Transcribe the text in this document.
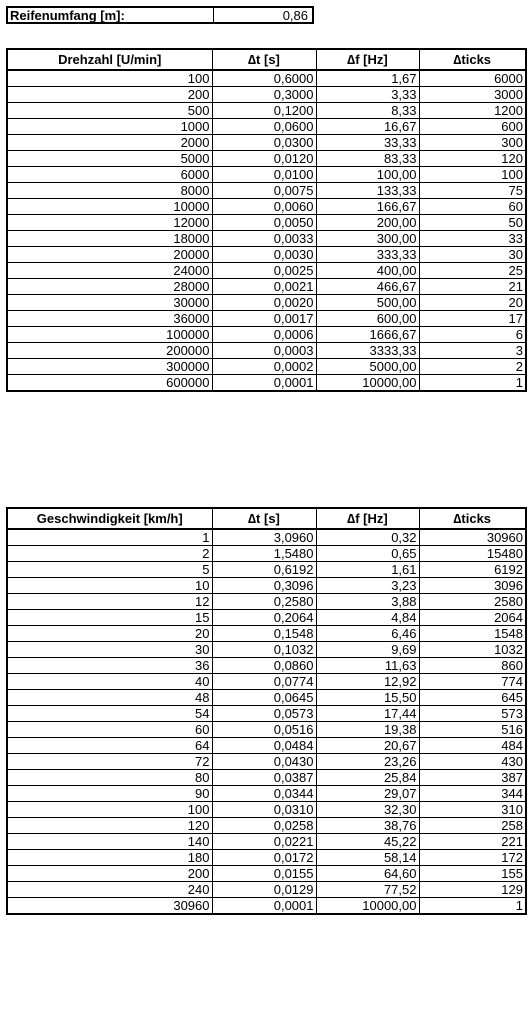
Reifenumfang [m]:	0,86
Drehzahl [U/min]	∆t [s]	∆f [Hz]	∆ticks
100	0,6000	1,67	6000
200	0,3000	3,33	3000
500	0,1200	8,33	1200
1000	0,0600	16,67	600
2000	0,0300	33,33	300
5000	0,0120	83,33	120
6000	0,0100	100,00	100
8000	0,0075	133,33	75
10000	0,0060	166,67	60
12000	0,0050	200,00	50
18000	0,0033	300,00	33
20000	0,0030	333,33	30
24000	0,0025	400,00	25
28000	0,0021	466,67	21
30000	0,0020	500,00	20
36000	0,0017	600,00	17
100000	0,0006	1666,67	6
200000	0,0003	3333,33	3
300000	0,0002	5000,00	2
600000	0,0001	10000,00	1
Geschwindigkeit [km/h]	∆t [s]	∆f [Hz]	∆ticks
1	3,0960	0,32	30960
2	1,5480	0,65	15480
5	0,6192	1,61	6192
10	0,3096	3,23	3096
12	0,2580	3,88	2580
15	0,2064	4,84	2064
20	0,1548	6,46	1548
30	0,1032	9,69	1032
36	0,0860	11,63	860
40	0,0774	12,92	774
48	0,0645	15,50	645
54	0,0573	17,44	573
60	0,0516	19,38	516
64	0,0484	20,67	484
72	0,0430	23,26	430
80	0,0387	25,84	387
90	0,0344	29,07	344
100	0,0310	32,30	310
120	0,0258	38,76	258
140	0,0221	45,22	221
180	0,0172	58,14	172
200	0,0155	64,60	155
240	0,0129	77,52	129
30960	0,0001	10000,00	1
